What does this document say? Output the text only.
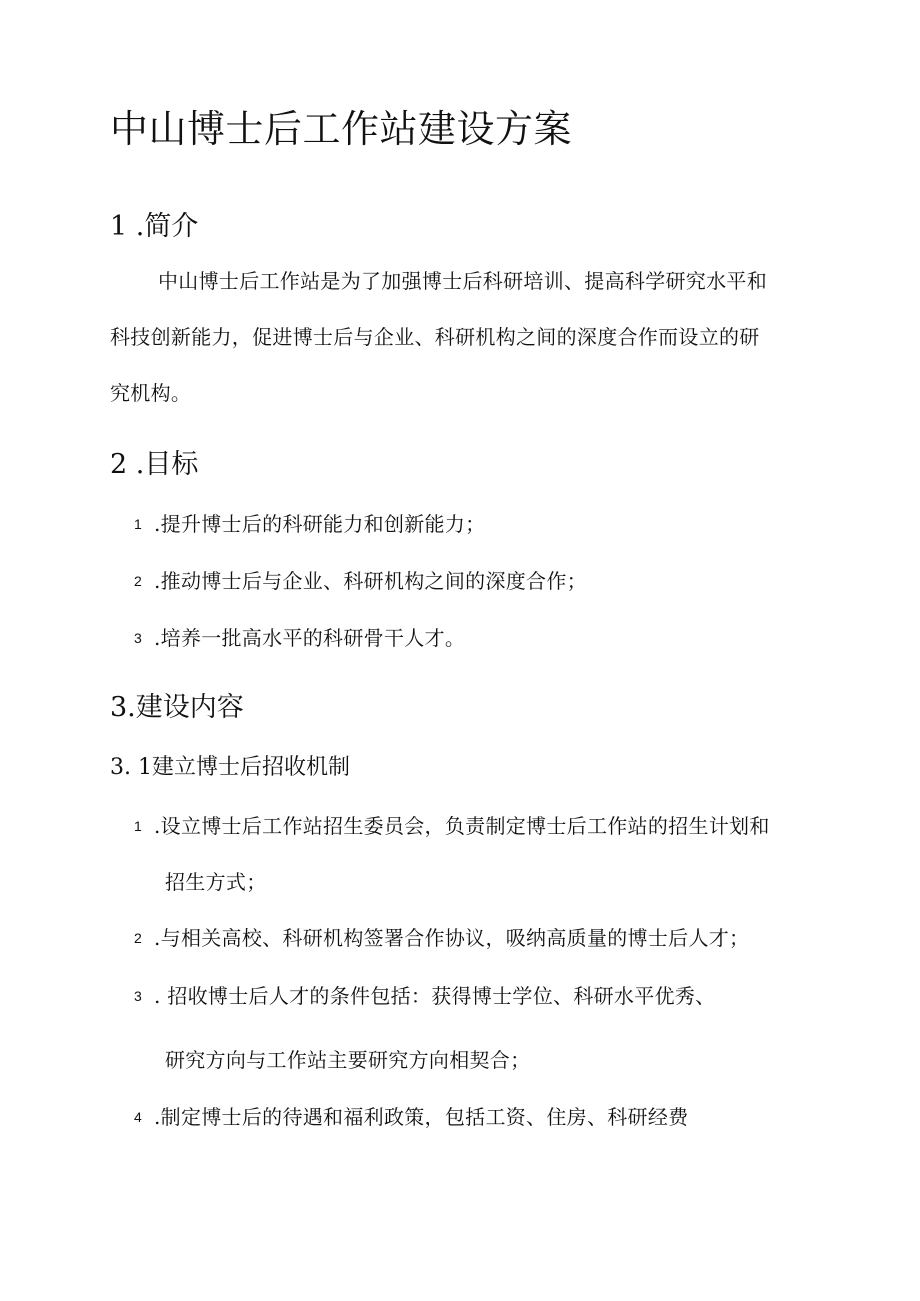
中山博士后工作站建设方案
1 .简介
中山博士后工作站是为了加强博士后科研培训、提高科学研究水平和
科技创新能力，促进博士后与企业、科研机构之间的深度合作而设立的研
究机构。
2 .目标
1 .提升博士后的科研能力和创新能力；
2 .推动博士后与企业、科研机构之间的深度合作；
3 .培养一批高水平的科研骨干人才。
3.建设内容
3. 1建立博士后招收机制
1 .设立博士后工作站招生委员会，负责制定博士后工作站的招生计划和
招生方式；
2 .与相关高校、科研机构签署合作协议，吸纳高质量的博士后人才；
3 . 招收博士后人才的条件包括：获得博士学位、科研水平优秀、
研究方向与工作站主要研究方向相契合；
4 .制定博士后的待遇和福利政策，包括工资、住房、科研经费
